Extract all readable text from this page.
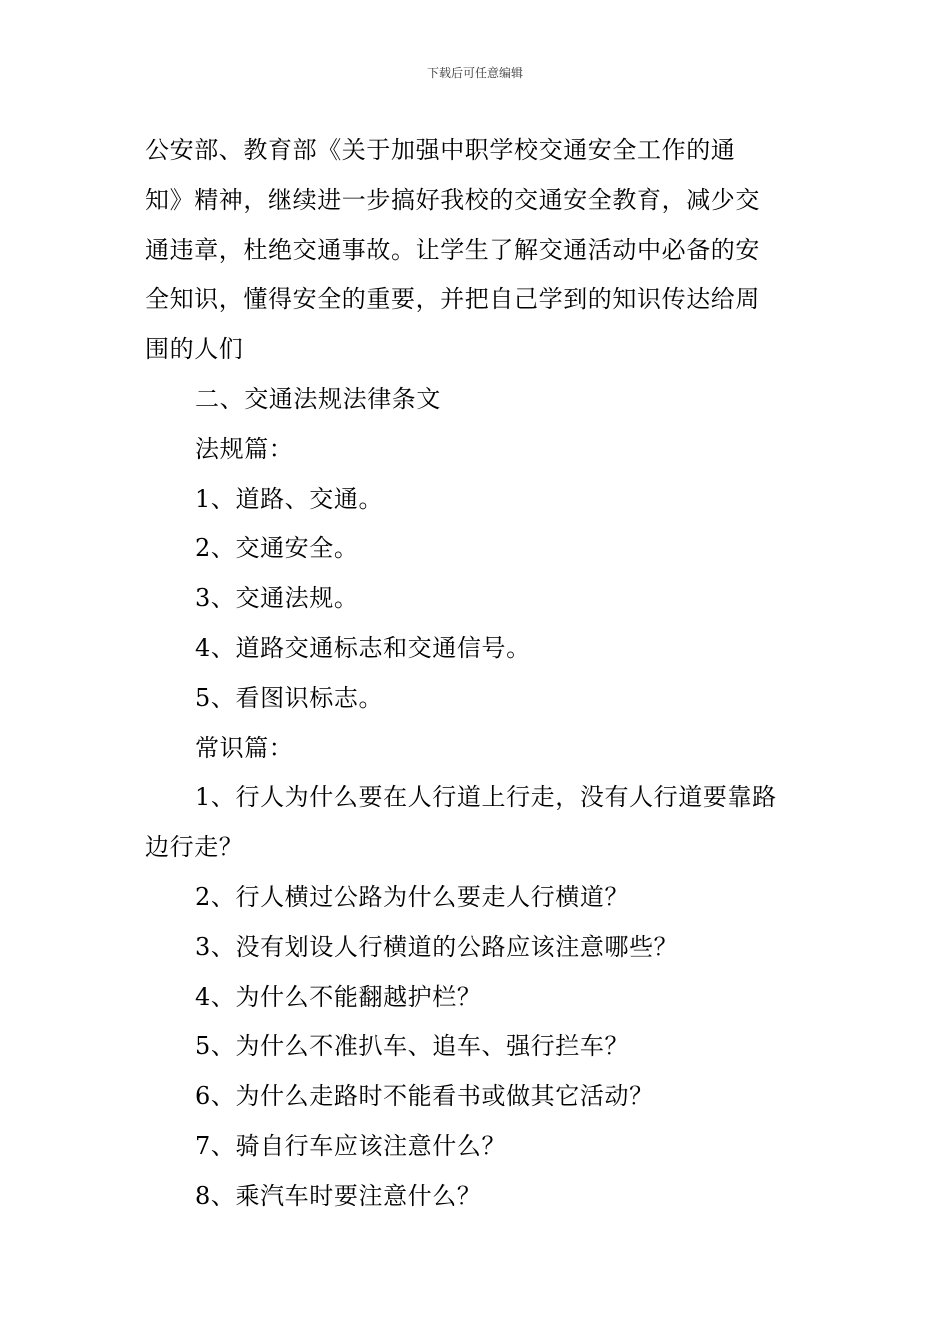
下载后可任意编辑

公安部、教育部《关于加强中职学校交通安全工作的通

知》精神，继续进一步搞好我校的交通安全教育，减少交

通违章，杜绝交通事故。让学生了解交通活动中必备的安

全知识，懂得安全的重要，并把自己学到的知识传达给周

围的人们

二、交通法规法律条文

法规篇：

1、道路、交通。

2、交通安全。

3、交通法规。

4、道路交通标志和交通信号。

5、看图识标志。

常识篇：

1、行人为什么要在人行道上行走，没有人行道要靠路

边行走？

2、行人横过公路为什么要走人行横道？

3、没有划设人行横道的公路应该注意哪些？

4、为什么不能翻越护栏？

5、为什么不准扒车、追车、强行拦车？

6、为什么走路时不能看书或做其它活动？

7、骑自行车应该注意什么？

8、乘汽车时要注意什么？
